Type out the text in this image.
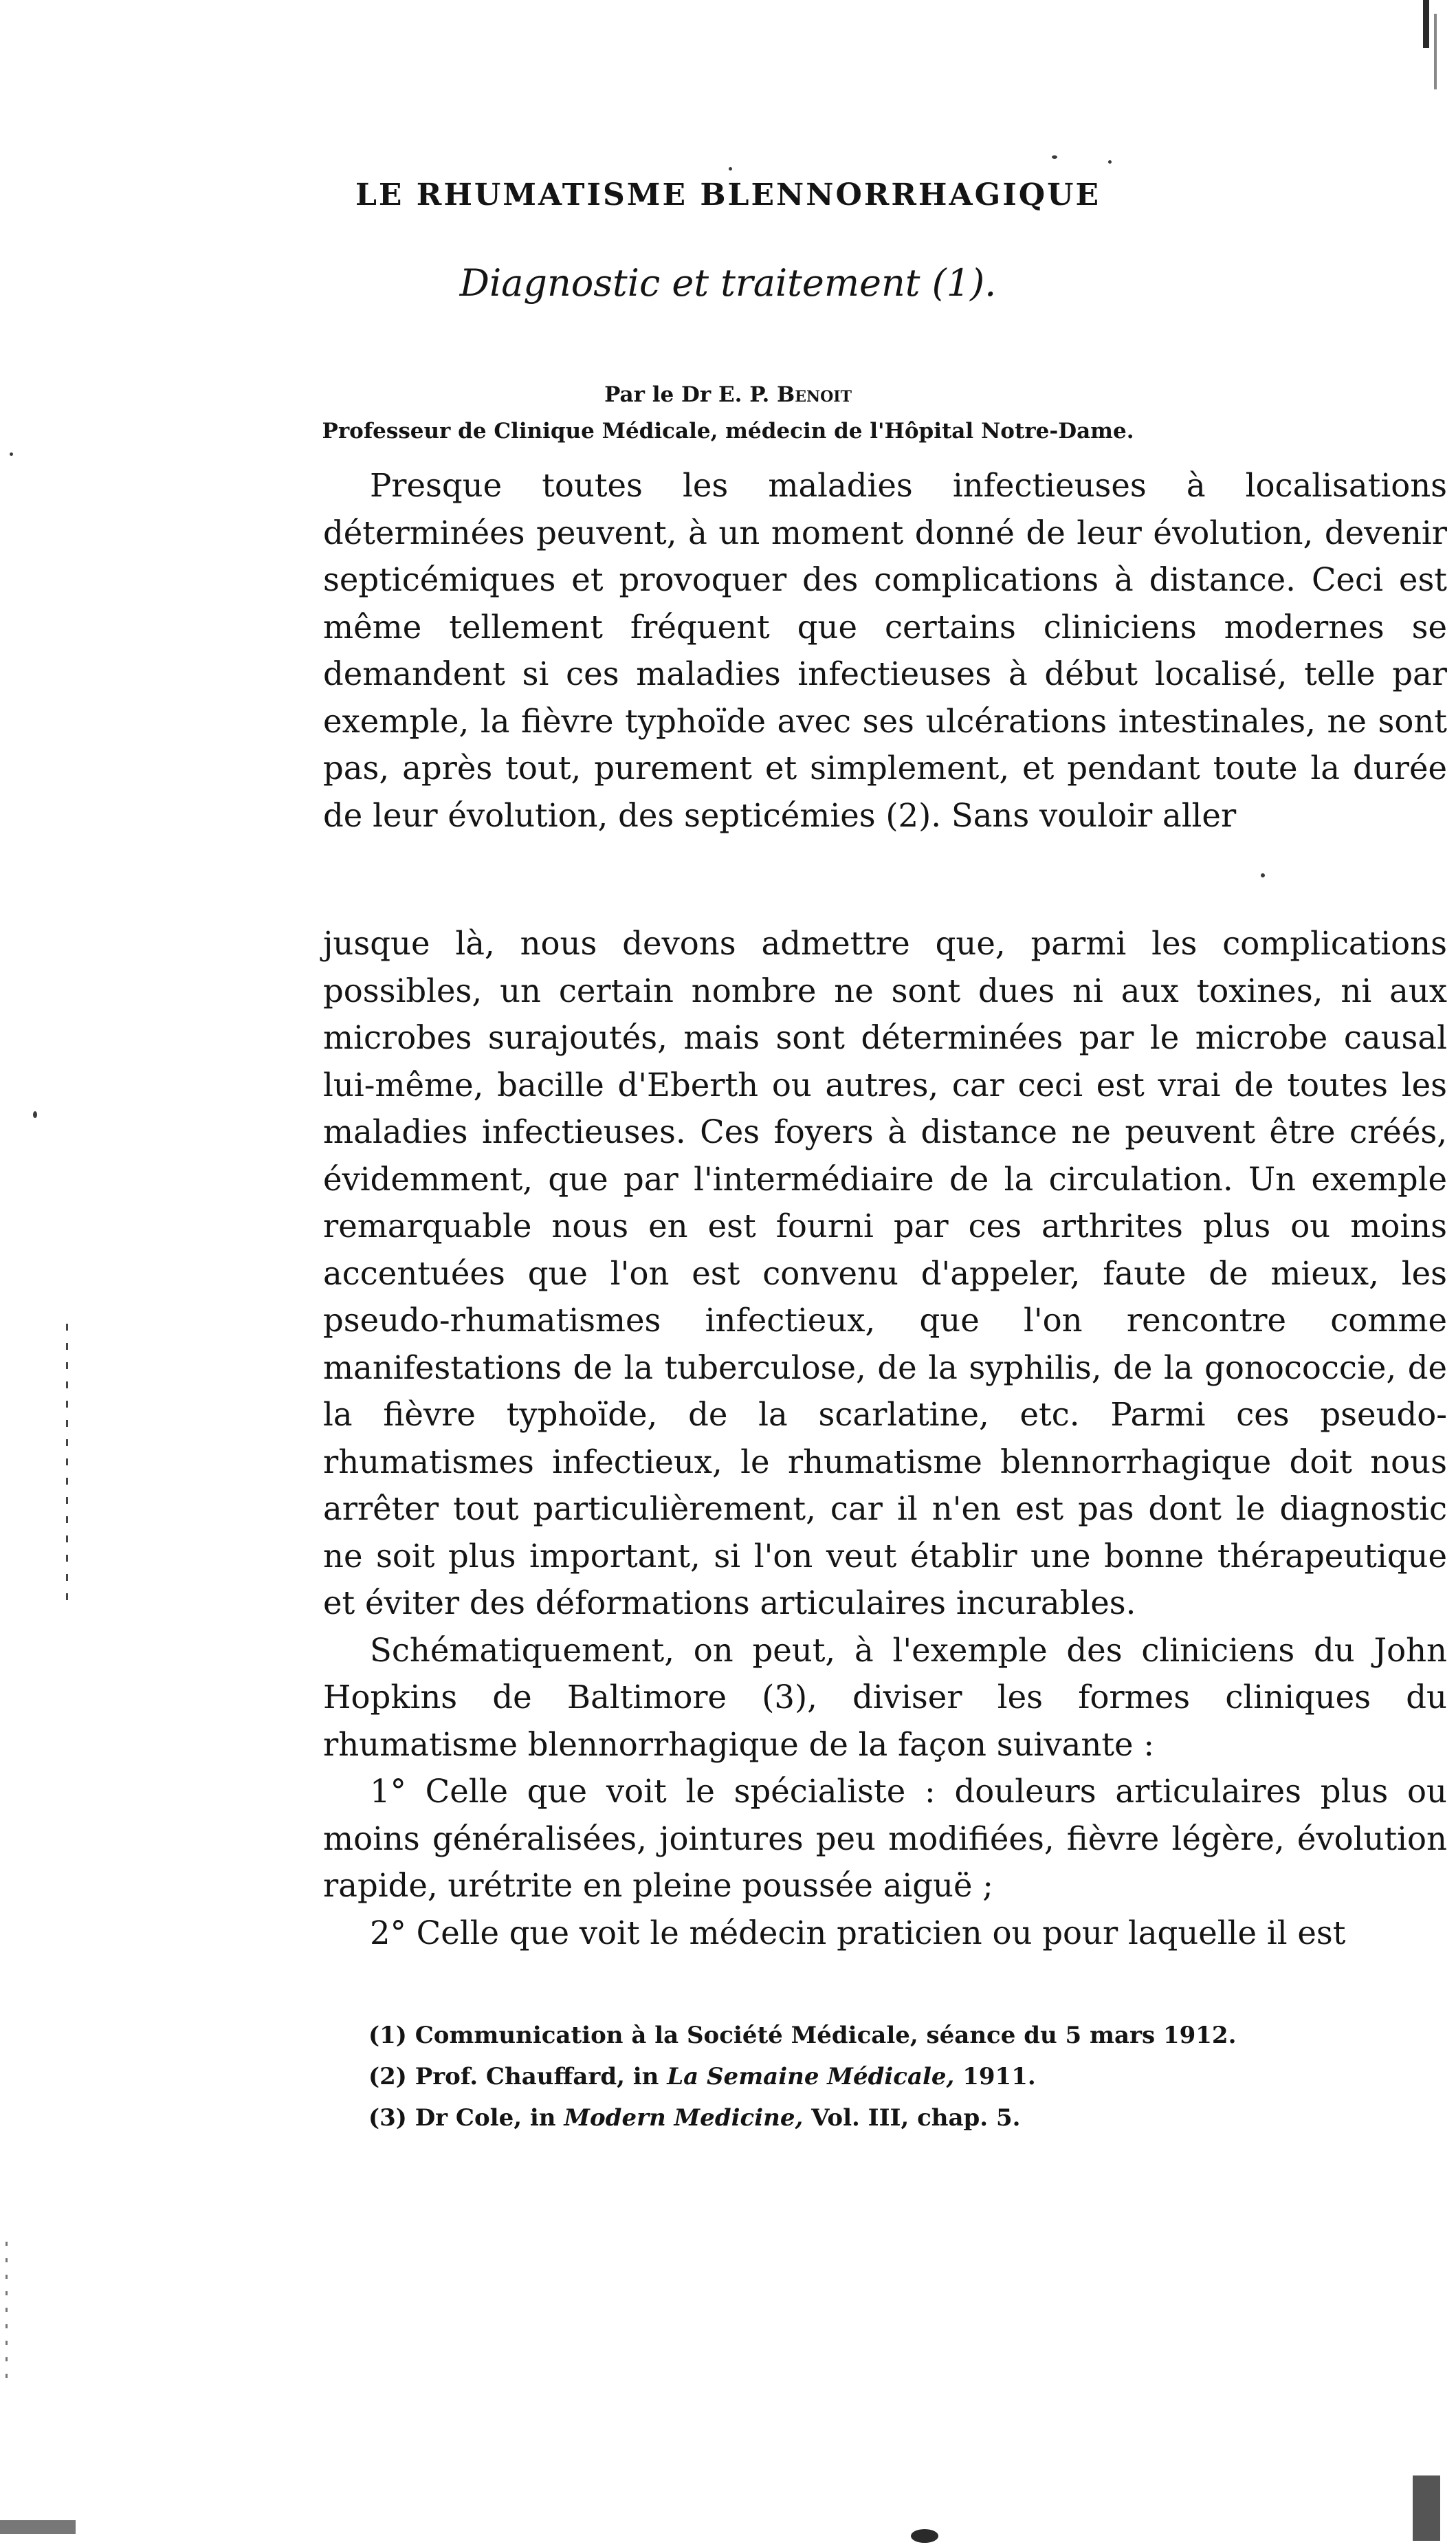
LE RHUMATISME BLENNORRHAGIQUE
Diagnostic et traitement (1).
Par le Dr E. P. Benoit
Professeur de Clinique Médicale, médecin de l'Hôpital Notre-Dame.

Presque toutes les maladies infectieuses à localisations déterminées peuvent, à un moment donné de leur évolution, devenir septicémiques et provoquer des complications à distance. Ceci est même tellement fréquent que certains cliniciens modernes se demandent si ces maladies infectieuses à début localisé, telle par exemple, la fièvre typhoïde avec ses ulcérations intestinales, ne sont pas, après tout, purement et simplement, et pendant toute la durée de leur évolution, des septicémies (2). Sans vouloir aller

jusque là, nous devons admettre que, parmi les complications possibles, un certain nombre ne sont dues ni aux toxines, ni aux microbes surajoutés, mais sont déterminées par le microbe causal lui-même, bacille d'Eberth ou autres, car ceci est vrai de toutes les maladies infectieuses. Ces foyers à distance ne peuvent être créés, évidemment, que par l'intermédiaire de la circulation. Un exemple remarquable nous en est fourni par ces arthrites plus ou moins accentuées que l'on est convenu d'appeler, faute de mieux, les pseudo-rhumatismes infectieux, que l'on rencontre comme manifestations de la tuberculose, de la syphilis, de la gonococcie, de la fièvre typhoïde, de la scarlatine, etc. Parmi ces pseudo-rhumatismes infectieux, le rhumatisme blennorrhagique doit nous arrêter tout particulièrement, car il n'en est pas dont le diagnostic ne soit plus important, si l'on veut établir une bonne thérapeutique et éviter des déformations articulaires incurables.

Schématiquement, on peut, à l'exemple des cliniciens du John Hopkins de Baltimore (3), diviser les formes cliniques du rhumatisme blennorrhagique de la façon suivante :

1° Celle que voit le spécialiste : douleurs articulaires plus ou moins généralisées, jointures peu modifiées, fièvre légère, évolution rapide, urétrite en pleine poussée aiguë ;

2° Celle que voit le médecin praticien ou pour laquelle il est

(1) Communication à la Société Médicale, séance du 5 mars 1912.
(2) Prof. Chauffard, in La Semaine Médicale, 1911.
(3) Dr Cole, in Modern Medicine, Vol. III, chap. 5.
